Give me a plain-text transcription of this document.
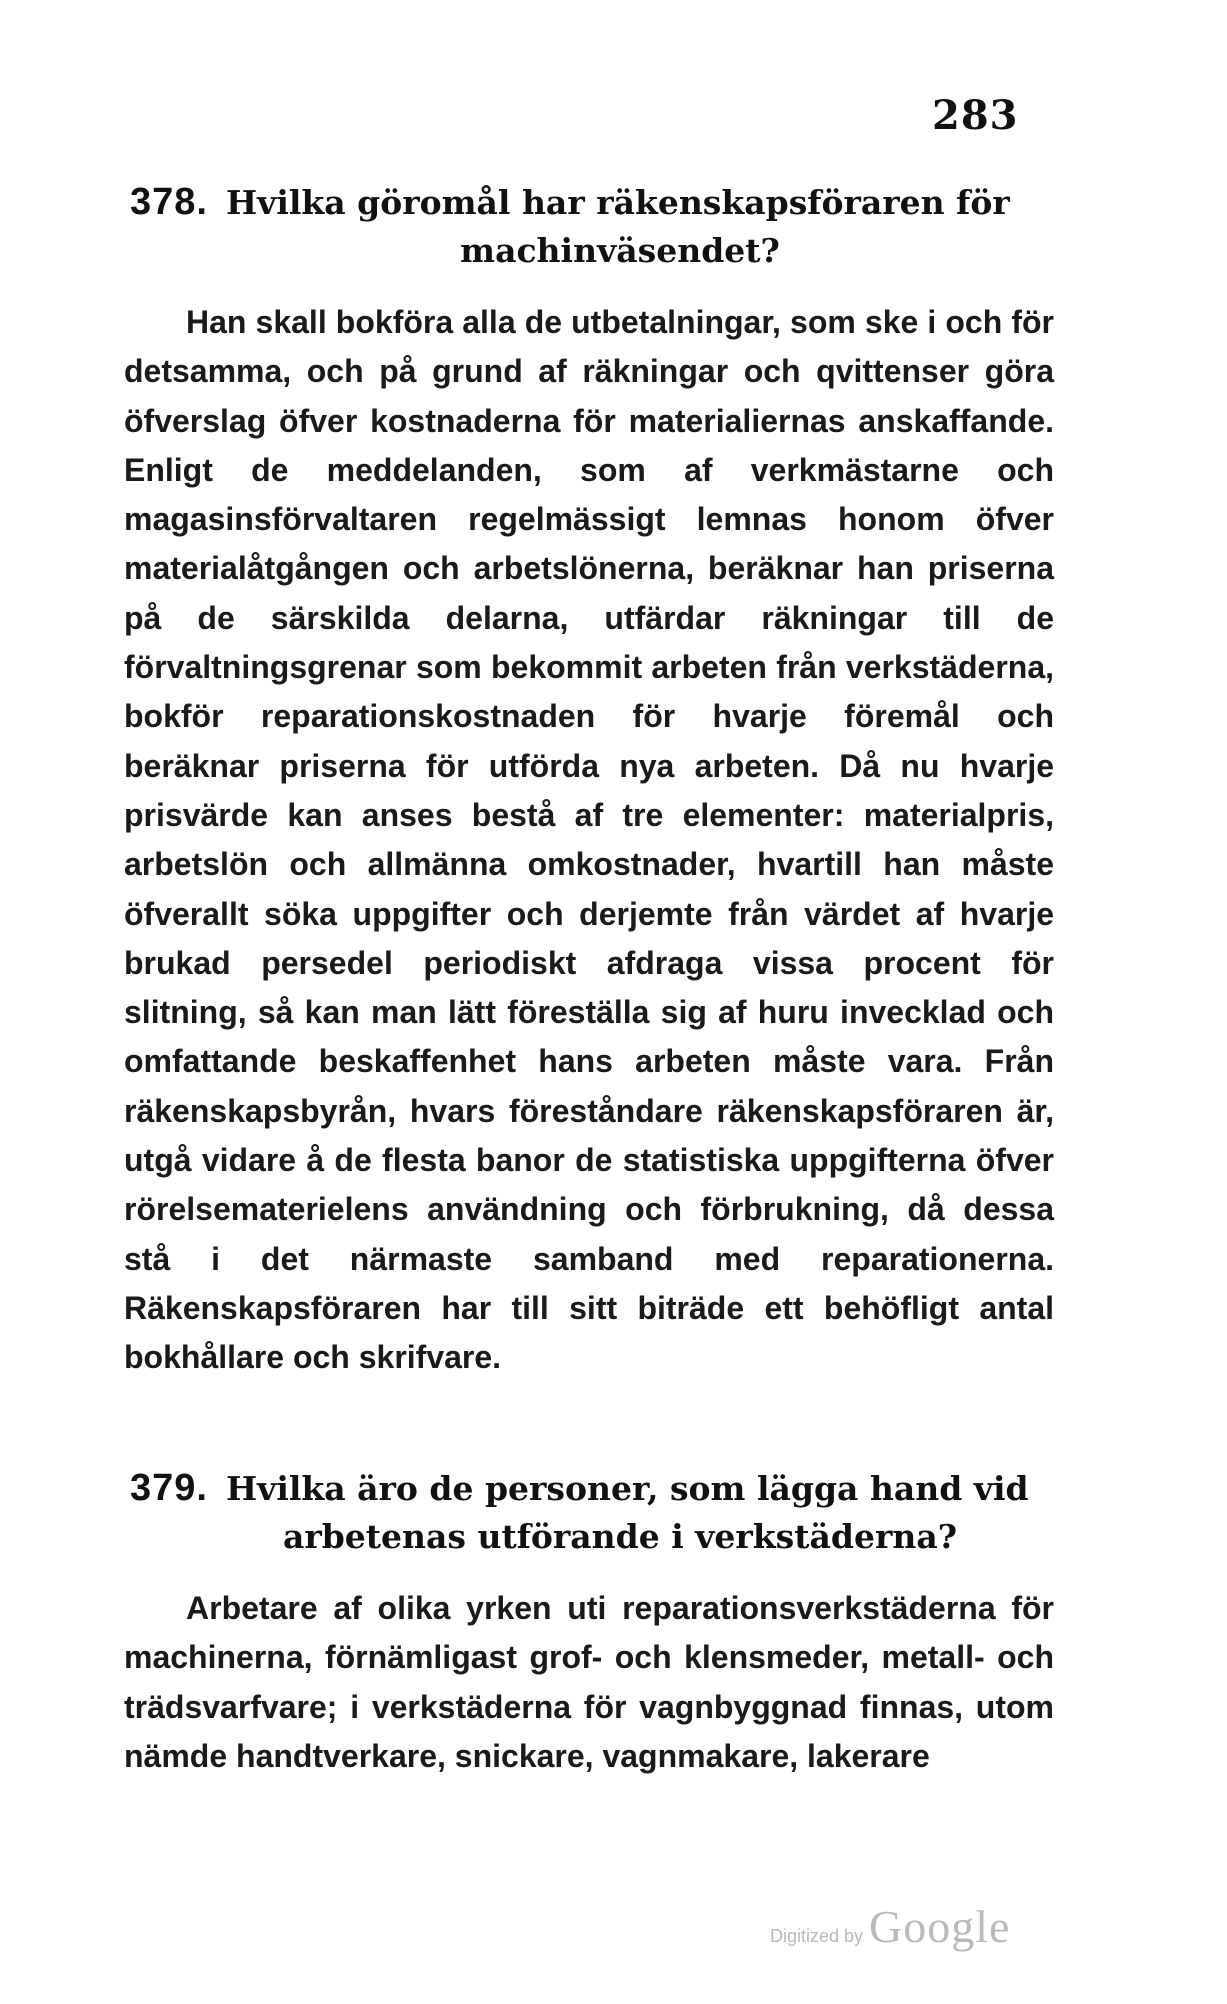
283
378. Hvilka göromål har räkenskapsföraren för
machinväsendet?

Han skall bokföra alla de utbetalningar, som ske i och för detsamma, och på grund af räkningar och qvittenser göra öfverslag öfver kostnaderna för materialiernas anskaffande. Enligt de meddelanden, som af verkmästarne och magasinsförvaltaren regelmässigt lemnas honom öfver materialåtgången och arbetslönerna, beräknar han priserna på de särskilda delarna, utfärdar räkningar till de förvaltningsgrenar som bekommit arbeten från verkstäderna, bokför reparationskostnaden för hvarje föremål och beräknar priserna för utförda nya arbeten. Då nu hvarje prisvärde kan anses bestå af tre elementer: materialpris, arbetslön och allmänna omkostnader, hvartill han måste öfverallt söka uppgifter och derjemte från värdet af hvarje brukad persedel periodiskt afdraga vissa procent för slitning, så kan man lätt föreställa sig af huru invecklad och omfattande beskaffenhet hans arbeten måste vara. Från räkenskapsbyrån, hvars föreståndare räkenskapsföraren är, utgå vidare å de flesta banor de statistiska uppgifterna öfver rörelsematerielens användning och förbrukning, då dessa stå i det närmaste samband med reparationerna. Räkenskapsföraren har till sitt biträde ett behöfligt antal bokhållare och skrifvare.

379. Hvilka äro de personer, som lägga hand vid
arbetenas utförande i verkstäderna?

Arbetare af olika yrken uti reparationsverkstäderna för machinerna, förnämligast grof- och klensmeder, metall- och trädsvarfvare; i verkstäderna för vagnbyggnad finnas, utom nämde handtverkare, snickare, vagnmakare, lakerare

Digitized by Google
